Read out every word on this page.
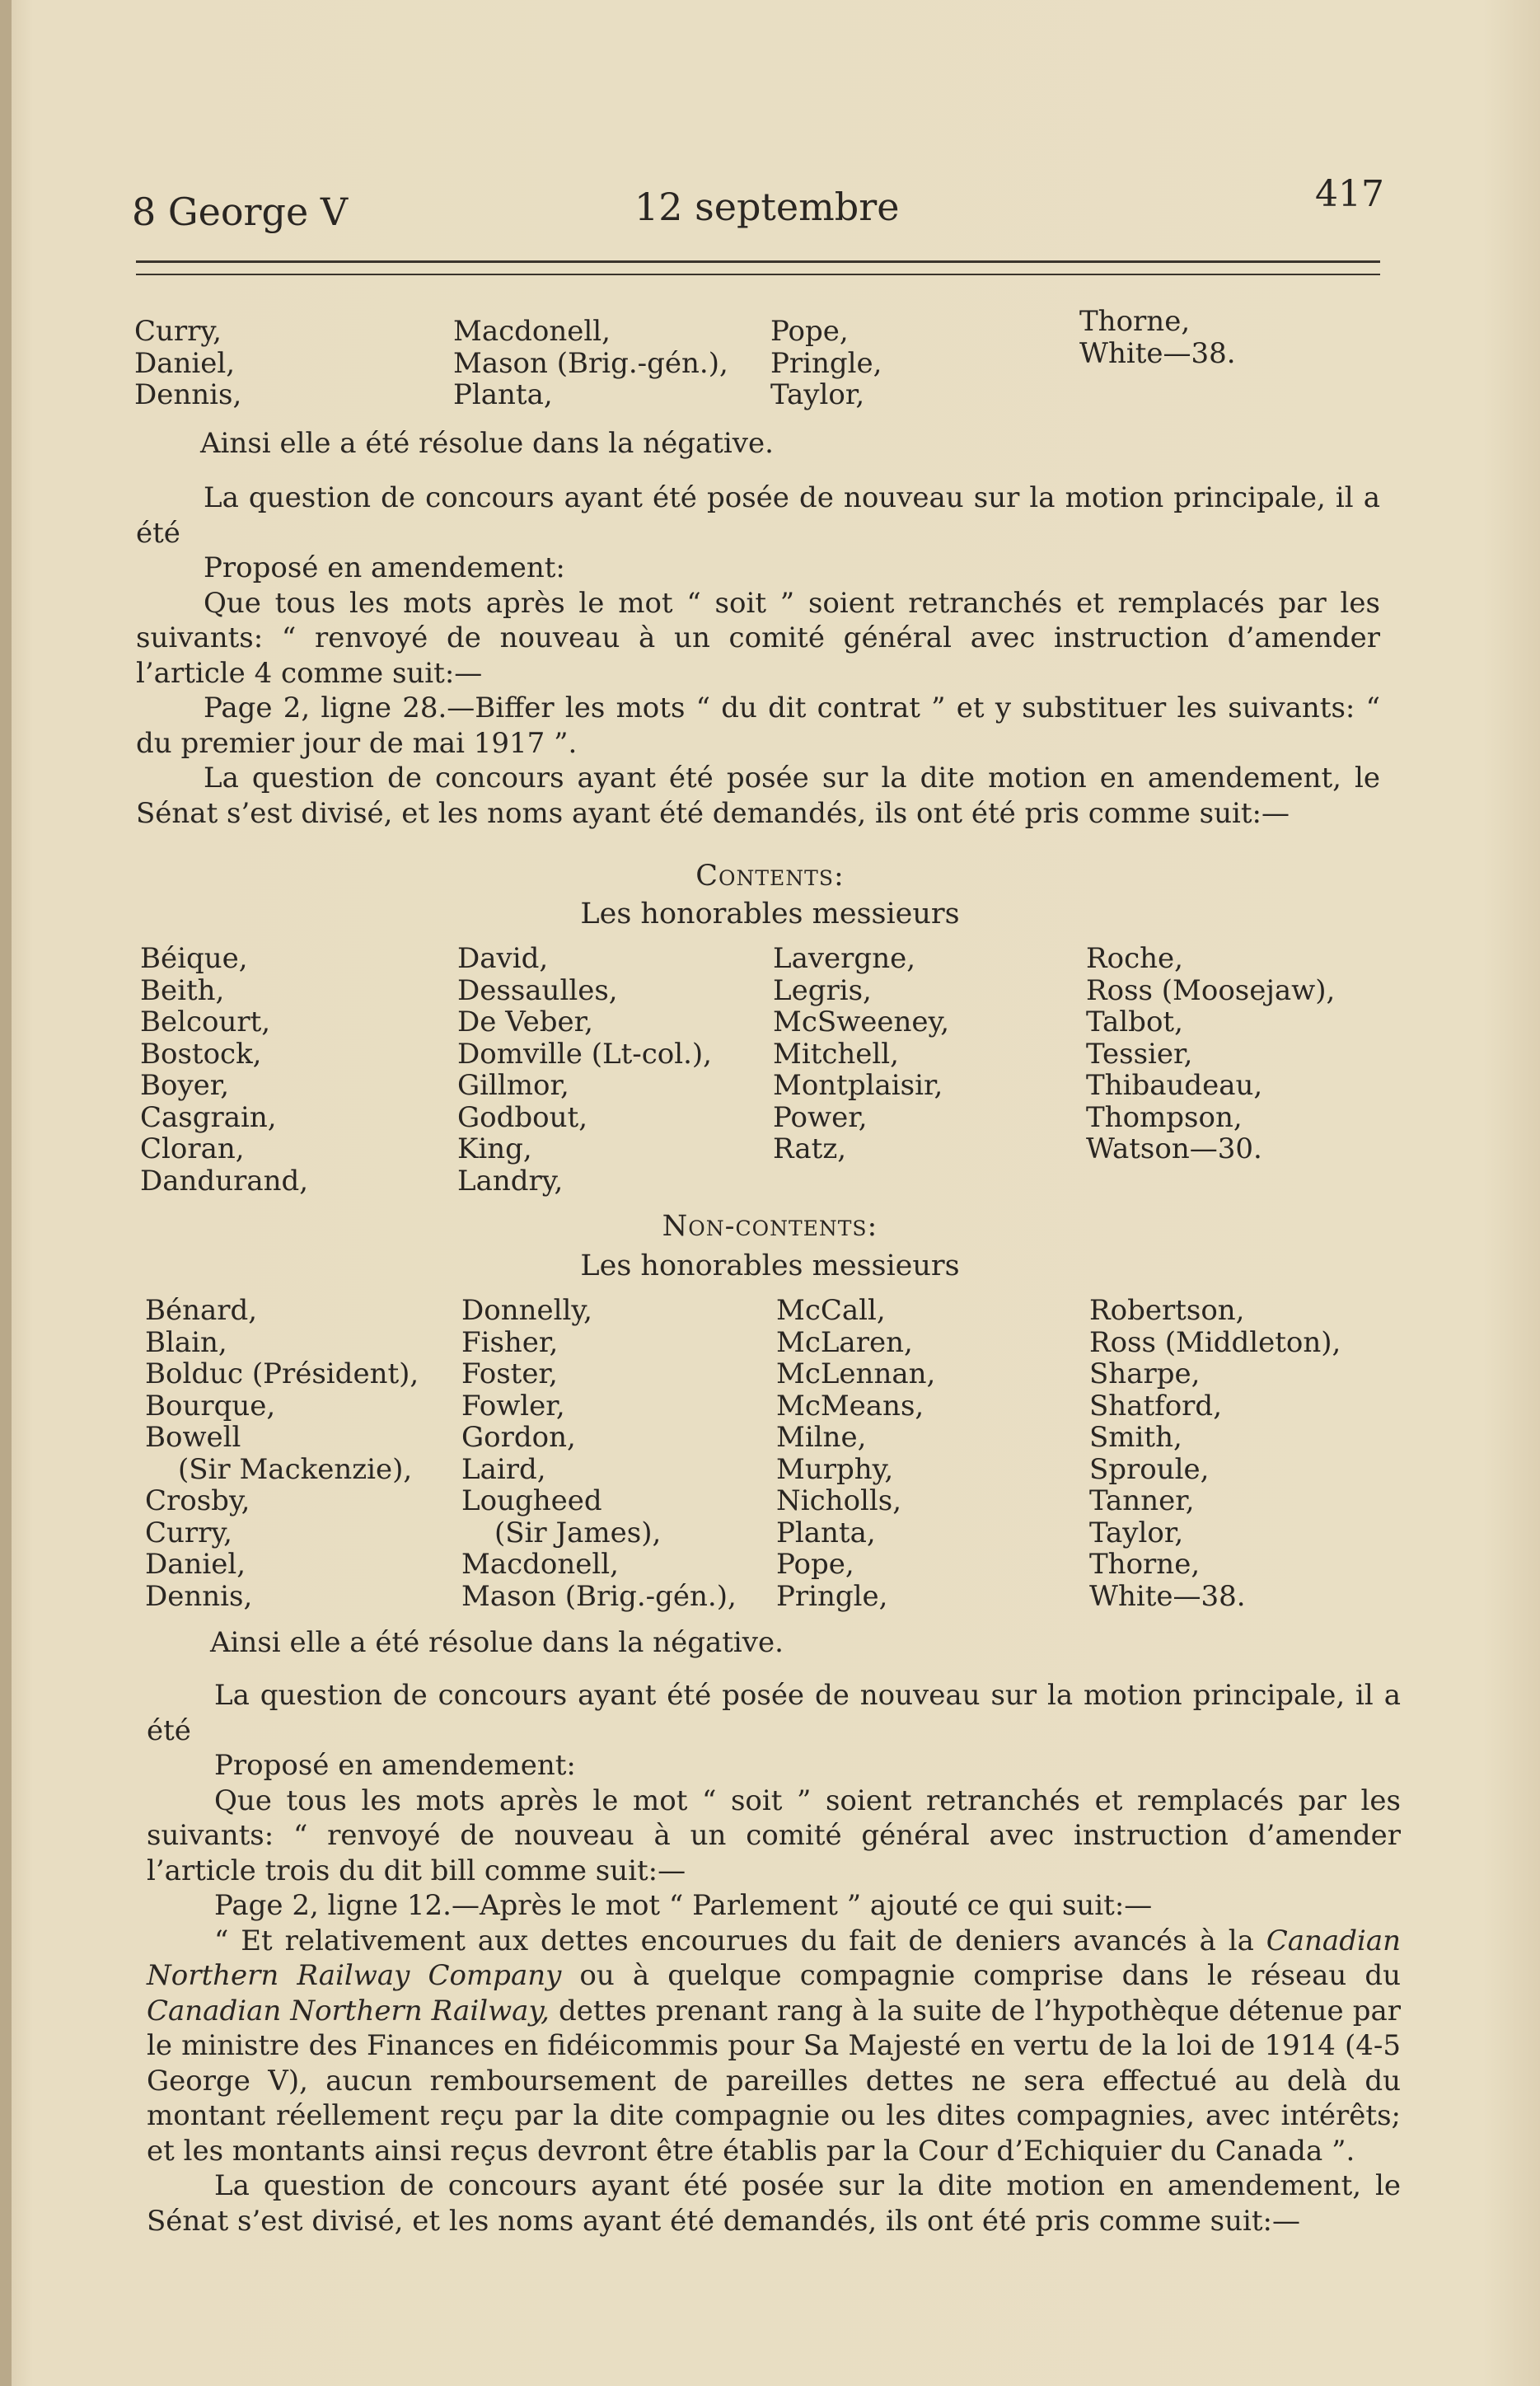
8 George V	12 septembre	417
Curry,
Daniel,
Dennis,
Macdonell,
Mason (Brig.-gén.),
Planta,
Pope,
Pringle,
Taylor,
Thorne,
White—38.

Ainsi elle a été résolue dans la négative.

La question de concours ayant été posée de nouveau sur la motion principale, il a été

Proposé en amendement:

Que tous les mots après le mot “ soit ” soient retranchés et remplacés par les suivants: “ renvoyé de nouveau à un comité général avec instruction d’amender l’article 4 comme suit:—

Page 2, ligne 28.—Biffer les mots “ du dit contrat ” et y substituer les suivants: “ du premier jour de mai 1917 ”.

La question de concours ayant été posée sur la dite motion en amendement, le Sénat s’est divisé, et les noms ayant été demandés, ils ont été pris comme suit:—

Contents:
Les honorables messieurs
Béique,
Beith,
Belcourt,
Bostock,
Boyer,
Casgrain,
Cloran,
Dandurand,
David,
Dessaulles,
De Veber,
Domville (Lt-col.),
Gillmor,
Godbout,
King,
Landry,
Lavergne,
Legris,
McSweeney,
Mitchell,
Montplaisir,
Power,
Ratz,
Roche,
Ross (Moosejaw),
Talbot,
Tessier,
Thibaudeau,
Thompson,
Watson—30.
Non-contents:
Les honorables messieurs
Bénard,
Blain,
Bolduc (Président),
Bourque,
Bowell
(Sir Mackenzie),
Crosby,
Curry,
Daniel,
Dennis,
Donnelly,
Fisher,
Foster,
Fowler,
Gordon,
Laird,
Lougheed
(Sir James),
Macdonell,
Mason (Brig.-gén.),
McCall,
McLaren,
McLennan,
McMeans,
Milne,
Murphy,
Nicholls,
Planta,
Pope,
Pringle,
Robertson,
Ross (Middleton),
Sharpe,
Shatford,
Smith,
Sproule,
Tanner,
Taylor,
Thorne,
White—38.

Ainsi elle a été résolue dans la négative.

La question de concours ayant été posée de nouveau sur la motion principale, il a été

Proposé en amendement:

Que tous les mots après le mot “ soit ” soient retranchés et remplacés par les suivants: “ renvoyé de nouveau à un comité général avec instruction d’amender l’article trois du dit bill comme suit:—

Page 2, ligne 12.—Après le mot “ Parlement ” ajouté ce qui suit:—

“ Et relativement aux dettes encourues du fait de deniers avancés à la Canadian Northern Railway Company ou à quelque compagnie comprise dans le réseau du Canadian Northern Railway, dettes prenant rang à la suite de l’hypothèque détenue par le ministre des Finances en fidéicommis pour Sa Majesté en vertu de la loi de 1914 (4-5 George V), aucun remboursement de pareilles dettes ne sera effectué au delà du montant réellement reçu par la dite compagnie ou les dites compagnies, avec intérêts; et les montants ainsi reçus devront être établis par la Cour d’Echiquier du Canada ”.

La question de concours ayant été posée sur la dite motion en amendement, le Sénat s’est divisé, et les noms ayant été demandés, ils ont été pris comme suit:—
